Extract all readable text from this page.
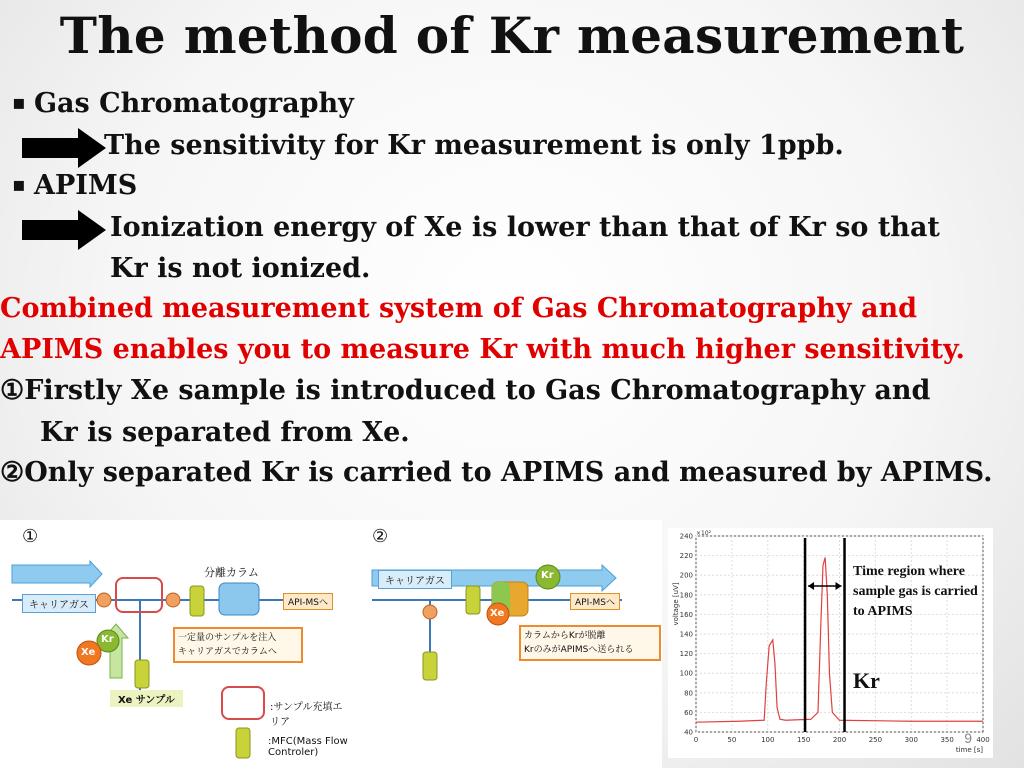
The method of Kr measurement
▪ Gas Chromatography
The sensitivity for Kr measurement is only 1ppb.
▪ APIMS
Ionization energy of Xe is lower than that of Kr so that
Kr is not ionized.
Combined measurement system of Gas Chromatography and
APIMS enables you to measure Kr with much higher sensitivity.
①Firstly Xe sample is introduced to Gas Chromatography and
Kr is separated from Xe.
②Only separated Kr is carried to APIMS and measured by APIMS.
①
分離カラム
キャリアガス	API-MSへ
Kr
Xe
一定量のサンプルを注入
キャリアガスでカラムへ
Xe サンプル
:サンプル充填エリア
:MFC(Mass Flow Controler)
②
キャリアガス
Kr
Xe
API-MSへ
カラムからKrが脱離
KrのみがAPIMSへ送られる
0	50	100	150	200	250	300	350	400
40
60
80
100
120
140
160
180
200
220
240
time [s]
voltage [uV]
×10²
Time region where
sample gas is carried
to APIMS
Kr
9
